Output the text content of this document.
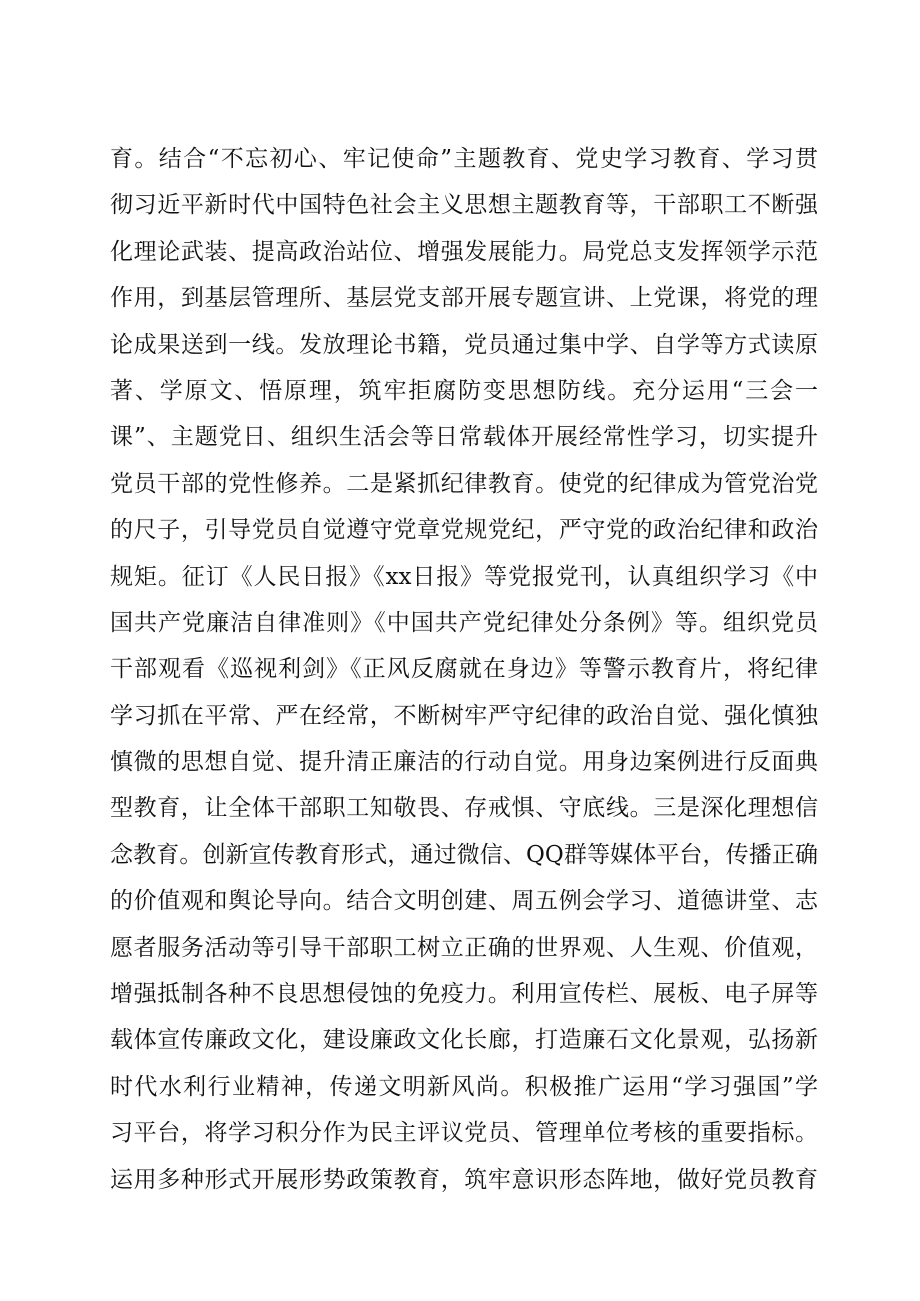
育。结合“不忘初心、牢记使命”主题教育、党史学习教育、学习贯
彻习近平新时代中国特色社会主义思想主题教育等，干部职工不断强
化理论武装、提高政治站位、增强发展能力。局党总支发挥领学示范
作用，到基层管理所、基层党支部开展专题宣讲、上党课，将党的理
论成果送到一线。发放理论书籍，党员通过集中学、自学等方式读原
著、学原文、悟原理，筑牢拒腐防变思想防线。充分运用“三会一
课”、主题党日、组织生活会等日常载体开展经常性学习，切实提升
党员干部的党性修养。二是紧抓纪律教育。使党的纪律成为管党治党
的尺子，引导党员自觉遵守党章党规党纪，严守党的政治纪律和政治
规矩。征订《人民日报》《xx日报》等党报党刊，认真组织学习《中
国共产党廉洁自律准则》《中国共产党纪律处分条例》等。组织党员
干部观看《巡视利剑》《正风反腐就在身边》等警示教育片，将纪律
学习抓在平常、严在经常，不断树牢严守纪律的政治自觉、强化慎独
慎微的思想自觉、提升清正廉洁的行动自觉。用身边案例进行反面典
型教育，让全体干部职工知敬畏、存戒惧、守底线。三是深化理想信
念教育。创新宣传教育形式，通过微信、QQ群等媒体平台，传播正确
的价值观和舆论导向。结合文明创建、周五例会学习、道德讲堂、志
愿者服务活动等引导干部职工树立正确的世界观、人生观、价值观，
增强抵制各种不良思想侵蚀的免疫力。利用宣传栏、展板、电子屏等
载体宣传廉政文化，建设廉政文化长廊，打造廉石文化景观，弘扬新
时代水利行业精神，传递文明新风尚。积极推广运用“学习强国”学
习平台，将学习积分作为民主评议党员、管理单位考核的重要指标。
运用多种形式开展形势政策教育，筑牢意识形态阵地，做好党员教育
